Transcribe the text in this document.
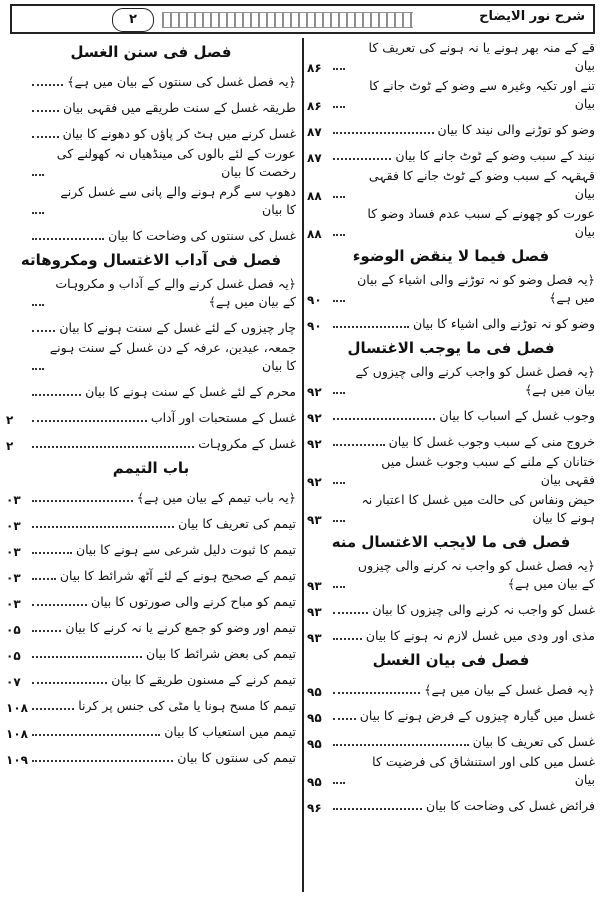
شرح نور الايضاح
۲
قے کے منہ بھر ہونے یا نہ ہونے کی تعریف کا بیان
۸۶
تنے اور تکیہ وغیرہ سے وضو کے ٹوٹ جانے کا بیان
۸۶
وضو کو توڑنے والی نیند کا بیان
۸۷
نیند کے سبب وضو کے ٹوٹ جانے کا بیان
۸۷
قہقہہ کے سبب وضو کے ٹوٹ جانے کا فقہی بیان
۸۸
عورت کو چھونے کے سبب عدم فساد وضو کا بیان
۸۸
فصل فیما لا ینقض الوضوء
﴿یہ فصل وضو کو نہ توڑنے والی اشیاء کے بیان میں ہے﴾
۹۰
وضو کو نہ توڑنے والی اشیاء کا بیان
۹۰
فصل فی ما یوجب الاغتسال
﴿یہ فصل غسل کو واجب کرنے والی چیزوں کے بیان میں ہے﴾
۹۲
وجوب غسل کے اسباب کا بیان
۹۲
خروج منی کے سبب وجوب غسل کا بیان
۹۲
ختانان کے ملنے کے سبب وجوب غسل میں فقہی بیان
۹۲
حیض ونفاس کی حالت میں غسل کا اعتبار نہ ہونے کا بیان
۹۳
فصل فی ما لایجب الاغتسال منه
﴿یہ فصل غسل کو واجب نہ کرنے والی چیزوں کے بیان میں ہے﴾
۹۳
غسل کو واجب نہ کرنے والی چیزوں کا بیان
۹۳
مذی اور ودی میں غسل لازم نہ ہونے کا بیان
۹۳
فصل فی بیان الغسل
﴿یہ فصل غسل کے بیان میں ہے﴾
۹۵
غسل میں گیارہ چیزوں کے فرض ہونے کا بیان
۹۵
غسل کی تعریف کا بیان
۹۵
غسل میں کلی اور استنشاق کی فرضیت کا بیان
۹۵
فرائض غسل کی وضاحت کا بیان
۹۶
فصل فی سنن الغسل
﴿یہ فصل غسل کی سنتوں کے بیان میں ہے﴾
طریقہ غسل کے سنت طریقے میں فقہی بیان
غسل کرنے میں ہٹ کر پاؤں کو دھونے کا بیان
عورت کے لئے بالوں کی مینڈھیاں نہ کھولنے کی رخصت کا بیان
دھوپ سے گرم ہونے والے پانی سے غسل کرنے کا بیان
غسل کی سنتوں کی وضاحت کا بیان
فصل فی آداب الاغتسال ومکروهاته
﴿یہ فصل غسل کرنے والے کے آداب و مکروہات کے بیان میں ہے﴾
چار چیزوں کے لئے غسل کے سنت ہونے کا بیان
جمعہ، عیدین، عرفہ کے دن غسل کے سنت ہونے کا بیان
محرم کے لئے غسل کے سنت ہونے کا بیان
غسل کے مستحبات اور آداب
۲
غسل کے مکروہات
۲
باب التیمم
﴿یہ باب تیمم کے بیان میں ہے﴾
۰۳
تیمم کی تعریف کا بیان
۰۳
تیمم کا ثبوت دلیل شرعی سے ہونے کا بیان
۰۳
تیمم کے صحیح ہونے کے لئے آٹھ شرائط کا بیان
۰۳
تیمم کو مباح کرنے والی صورتوں کا بیان
۰۳
تیمم اور وضو کو جمع کرنے یا نہ کرنے کا بیان
۰۵
تیمم کی بعض شرائط کا بیان
۰۵
تیمم کرنے کے مسنون طریقے کا بیان
۰۷
تیمم کا مسح ہونا یا مٹی کی جنس پر کرنا
۱۰۸
تیمم میں استعیاب کا بیان
۱۰۸
تیمم کی سنتوں کا بیان
۱۰۹
